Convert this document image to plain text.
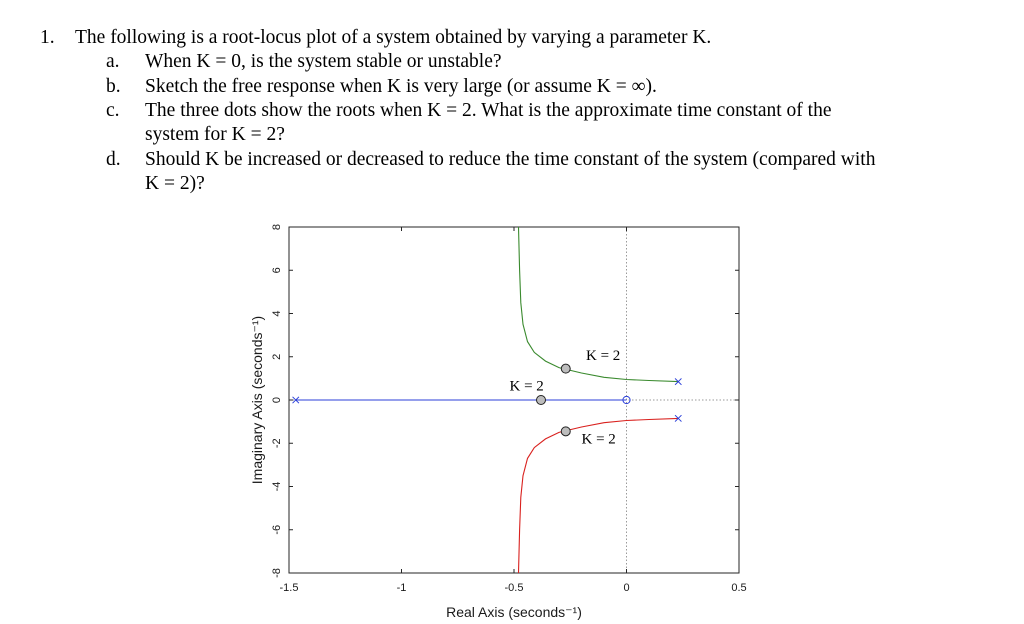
1. The following is a root-locus plot of a system obtained by varying a parameter K.
a. When K = 0, is the system stable or unstable?
b. Sketch the free response when K is very large (or assume K = ∞).
c. The three dots show the roots when K = 2. What is the approximate time constant of the
system for K = 2?
d. Should K be increased or decreased to reduce the time constant of the system (compared with
K = 2)?
-1.5	-1	-0.5	0	0.5
-8
-6
-4
-2
0
2
4
6
8
Real Axis (seconds⁻¹)
Imaginary Axis (seconds⁻¹)	K = 2
K = 2
K = 2
